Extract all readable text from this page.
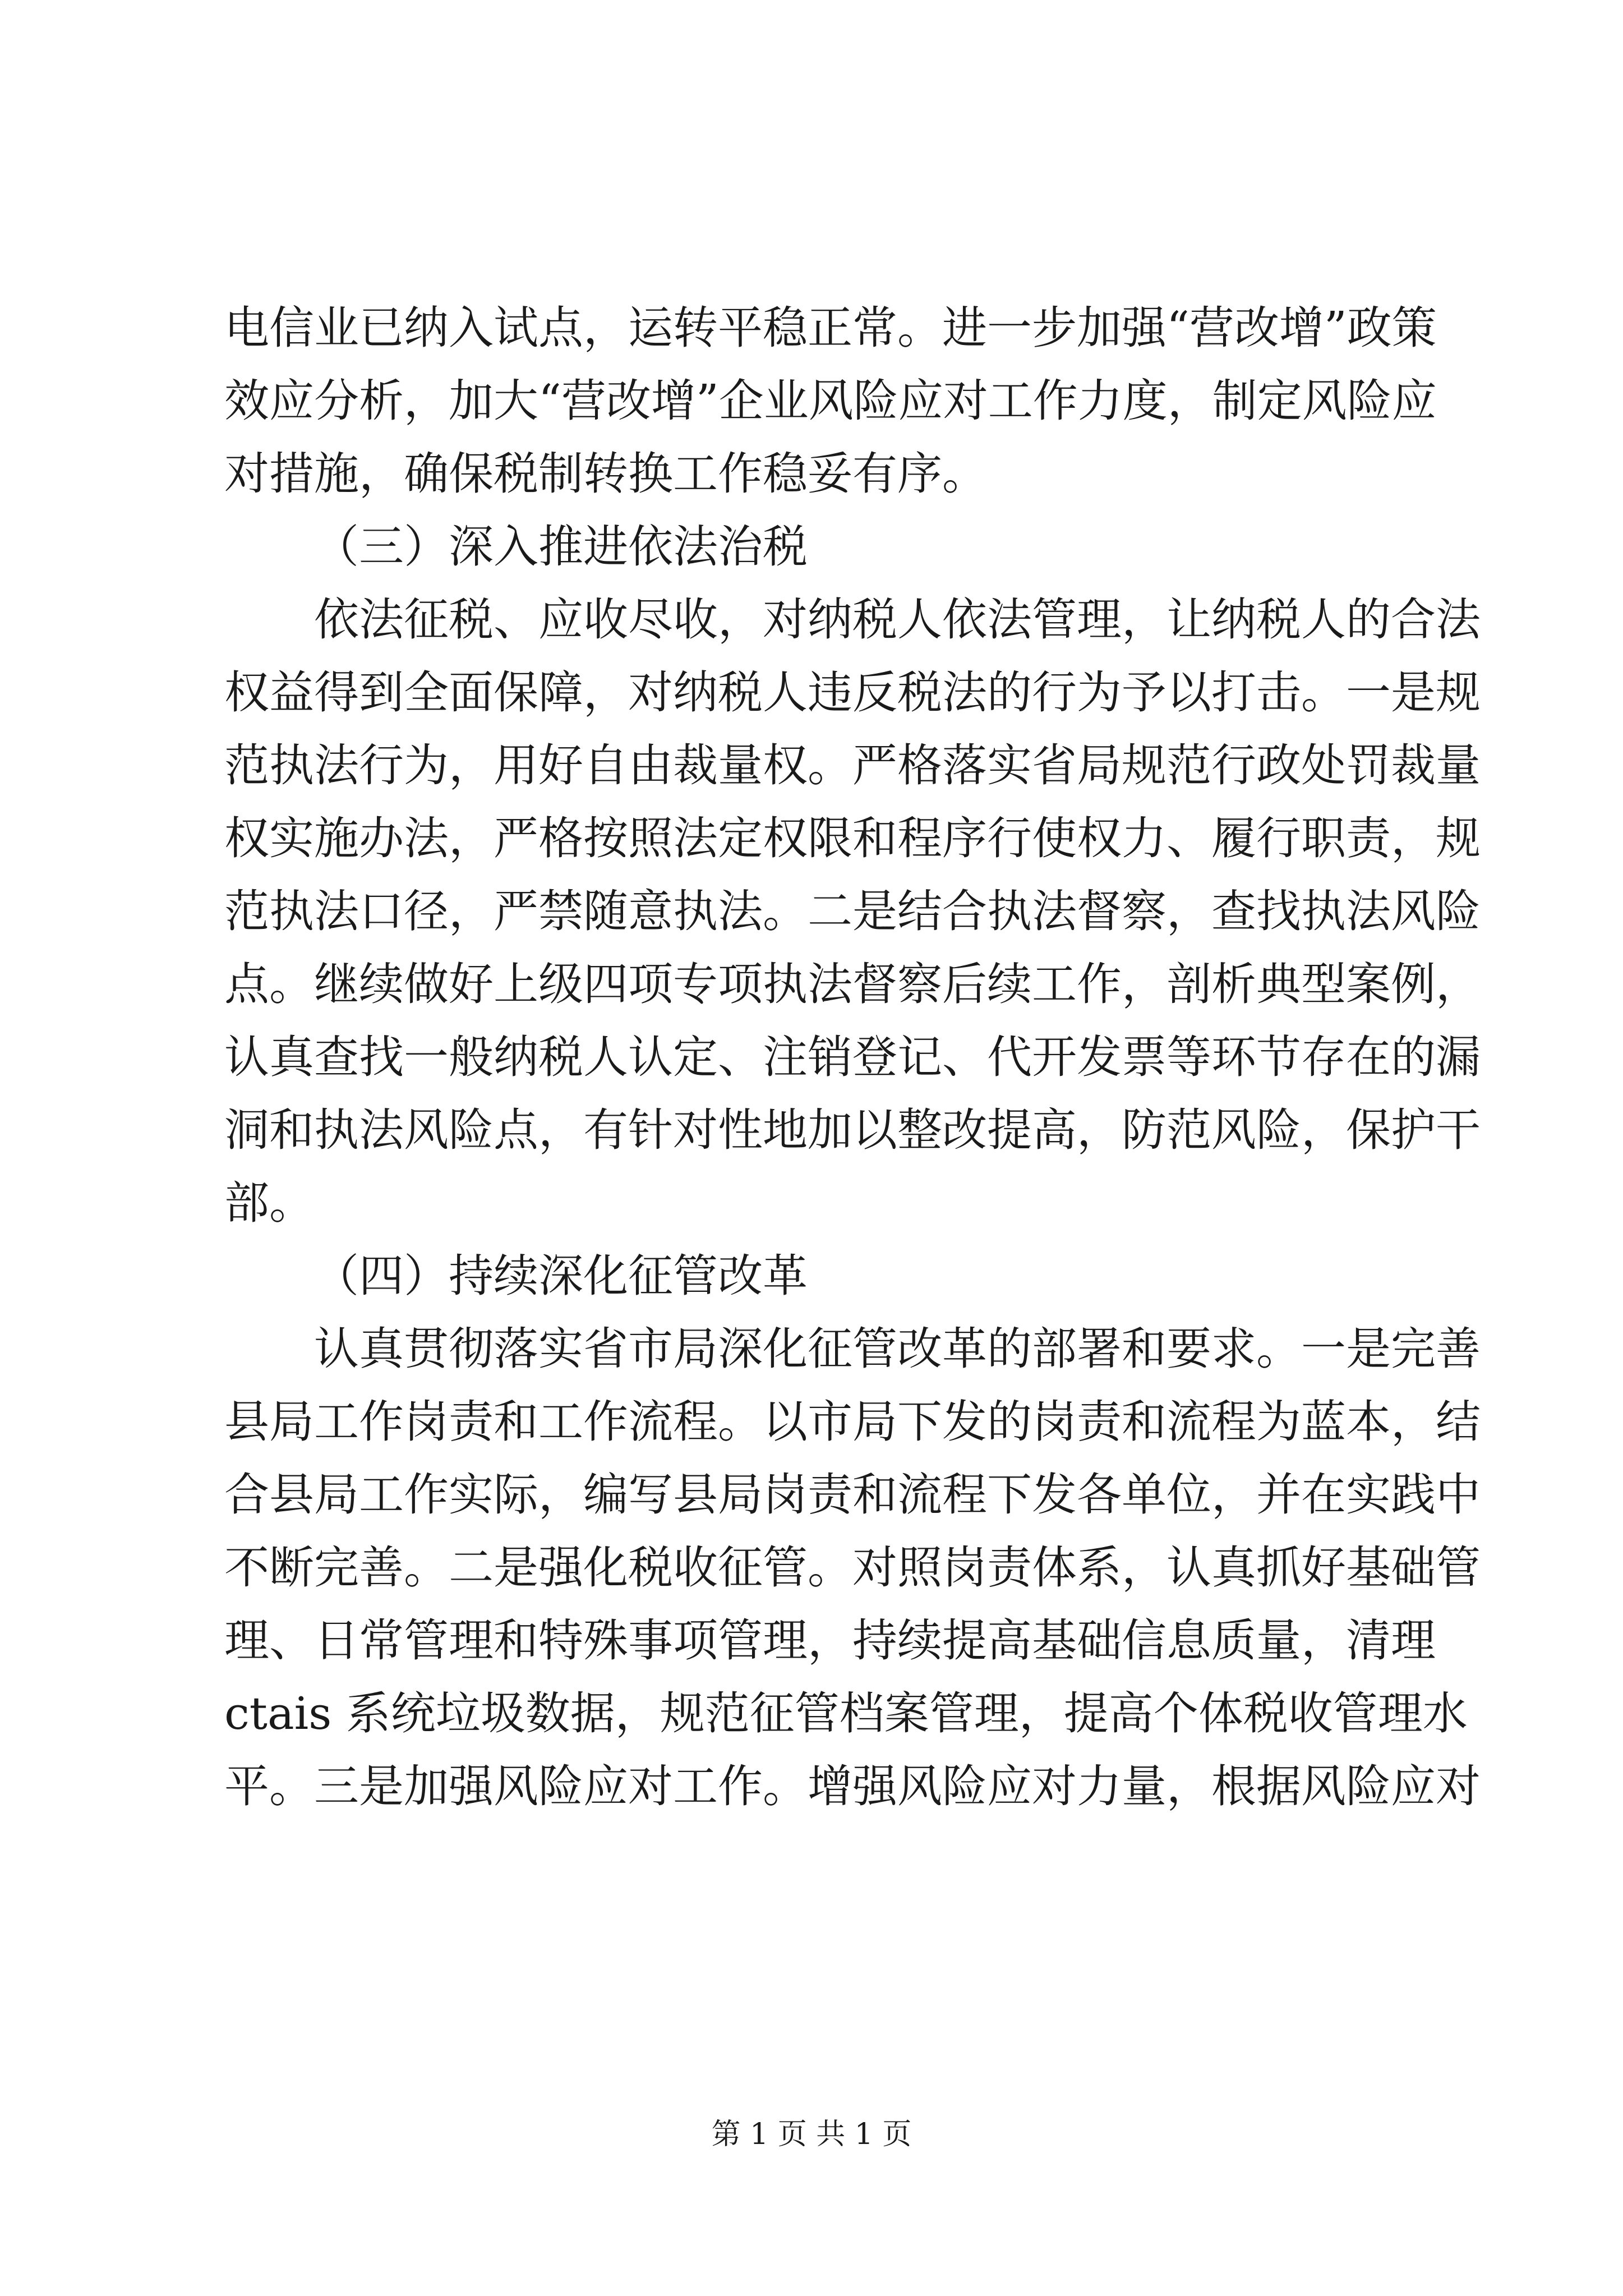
电信业已纳入试点，运转平稳正常。进一步加强“营改增”政策
效应分析，加大“营改增”企业风险应对工作力度，制定风险应
对措施，确保税制转换工作稳妥有序。
（三）深入推进依法治税
依法征税、应收尽收，对纳税人依法管理，让纳税人的合法
权益得到全面保障，对纳税人违反税法的行为予以打击。一是规
范执法行为，用好自由裁量权。严格落实省局规范行政处罚裁量
权实施办法，严格按照法定权限和程序行使权力、履行职责，规
范执法口径，严禁随意执法。二是结合执法督察，查找执法风险
点。继续做好上级四项专项执法督察后续工作，剖析典型案例，
认真查找一般纳税人认定、注销登记、代开发票等环节存在的漏
洞和执法风险点，有针对性地加以整改提高，防范风险，保护干
部。
（四）持续深化征管改革
认真贯彻落实省市局深化征管改革的部署和要求。一是完善
县局工作岗责和工作流程。以市局下发的岗责和流程为蓝本，结
合县局工作实际，编写县局岗责和流程下发各单位，并在实践中
不断完善。二是强化税收征管。对照岗责体系，认真抓好基础管
理、日常管理和特殊事项管理，持续提高基础信息质量，清理
ctais 系统垃圾数据，规范征管档案管理，提高个体税收管理水
平。三是加强风险应对工作。增强风险应对力量，根据风险应对
第 1 页 共 1 页
